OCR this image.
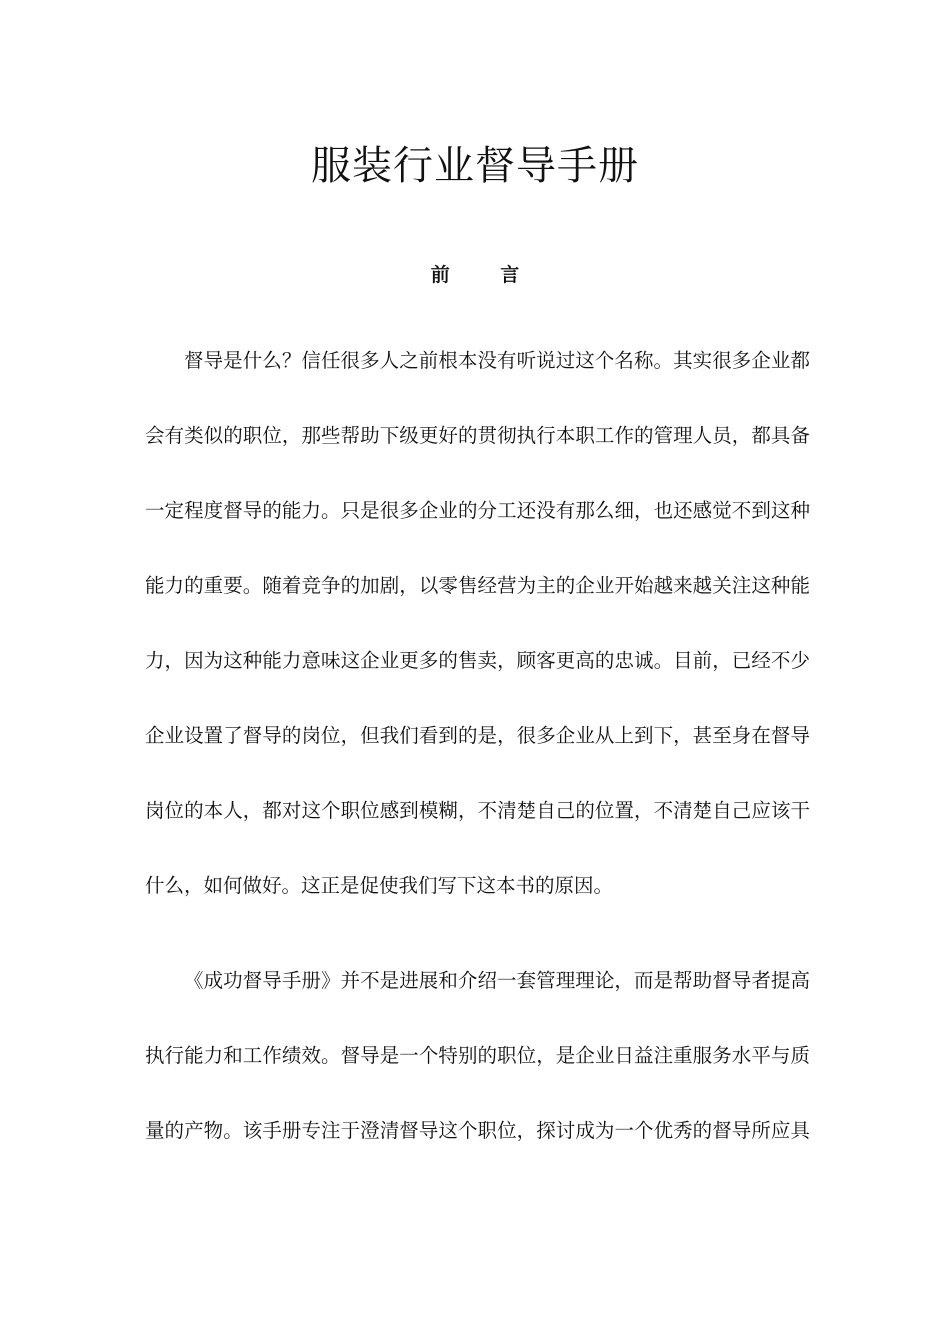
服装行业督导手册
前 言
督导是什么？信任很多人之前根本没有听说过这个名称。其实很多企业都
会有类似的职位，那些帮助下级更好的贯彻执行本职工作的管理人员，都具备
一定程度督导的能力。只是很多企业的分工还没有那么细，也还感觉不到这种
能力的重要。随着竞争的加剧，以零售经营为主的企业开始越来越关注这种能
力，因为这种能力意味这企业更多的售卖，顾客更高的忠诚。目前，已经不少
企业设置了督导的岗位，但我们看到的是，很多企业从上到下，甚至身在督导
岗位的本人，都对这个职位感到模糊，不清楚自己的位置，不清楚自己应该干
什么，如何做好。这正是促使我们写下这本书的原因。
《成功督导手册》并不是进展和介绍一套管理理论，而是帮助督导者提高
执行能力和工作绩效。督导是一个特别的职位，是企业日益注重服务水平与质
量的产物。该手册专注于澄清督导这个职位，探讨成为一个优秀的督导所应具
